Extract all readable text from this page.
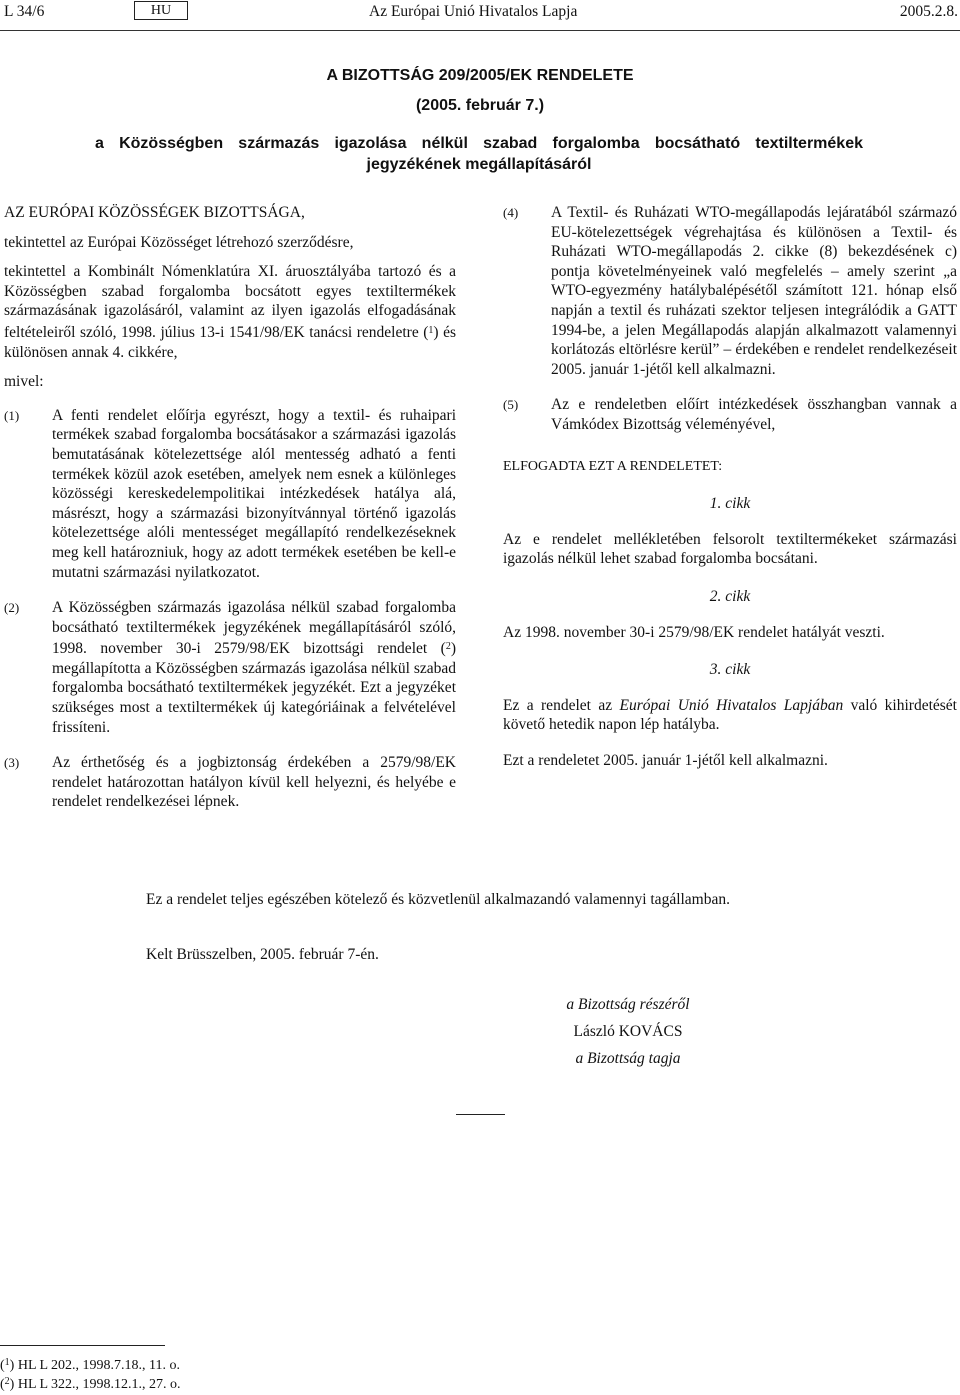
L 34/6	HU	Az Európai Unió Hivatalos Lapja	2005.2.8.
A BIZOTTSÁG 209/2005/EK RENDELETE
(2005. február 7.)
a Közösségben származás igazolása nélkül szabad forgalomba bocsátható textiltermékek jegyzékének megállapításáról

AZ EURÓPAI KÖZÖSSÉGEK BIZOTTSÁGA,

tekintettel az Európai Közösséget létrehozó szerződésre,

tekintettel a Kombinált Nómenklatúra XI. áruosztályába tartozó és a Közösségben szabad forgalomba bocsátott egyes textiltermékek származásának igazolásáról, valamint az ilyen igazolás elfogadásának feltételeiről szóló, 1998. július 13-i 1541/98/EK tanácsi rendeletre ($^1$) és különösen annak 4. cikkére,

mivel:

(1)	A fenti rendelet előírja egyrészt, hogy a textil- és ruhaipari termékek szabad forgalomba bocsátásakor a származási igazolás bemutatásának kötelezettsége alól mentesség adható a fenti termékek közül azok esetében, amelyek nem esnek a különleges közösségi kereskedelempolitikai intézkedések hatálya alá, másrészt, hogy a származási bizonyítvánnyal történő igazolás kötelezettsége alóli mentességet megállapító rendelkezéseknek meg kell határozniuk, hogy az adott termékek esetében be kell-e mutatni származási nyilatkozatot.
(2)	A Közösségben származás igazolása nélkül szabad forgalomba bocsátható textiltermékek jegyzékének megállapításáról szóló, 1998. november 30-i 2579/98/EK bizottsági rendelet ($^2$) megállapította a Közösségben származás igazolása nélkül szabad forgalomba bocsátható textiltermékek jegyzékét. Ezt a jegyzéket szükséges most a textiltermékek új kategóriáinak a felvételével frissíteni.
(3)	Az érthetőség és a jogbiztonság érdekében a 2579/98/EK rendelet határozottan hatályon kívül kell helyezni, és helyébe e rendelet rendelkezései lépnek.
(4)	A Textil- és Ruházati WTO-megállapodás lejáratából származó EU-kötelezettségek végrehajtása és különösen a Textil- és Ruházati WTO-megállapodás 2. cikke (8) bekezdésének c) pontja követelményeinek való megfelelés – amely szerint „a WTO-egyezmény hatálybalépésétől számított 121. hónap első napján a textil és ruházati szektor teljesen integrálódik a GATT 1994-be, a jelen Megállapodás alapján alkalmazott valamennyi korlátozás eltörlésre kerül” – érdekében e rendelet rendelkezéseit 2005. január 1-jétől kell alkalmazni.
(5)	Az e rendeletben előírt intézkedések összhangban vannak a Vámkódex Bizottság véleményével,

ELFOGADTA EZT A RENDELETET:

1. cikk

Az e rendelet mellékletében felsorolt textiltermékeket származási igazolás nélkül lehet szabad forgalomba bocsátani.

2. cikk

Az 1998. november 30-i 2579/98/EK rendelet hatályát veszti.

3. cikk

Ez a rendelet az Európai Unió Hivatalos Lapjában való kihirdetését követő hetedik napon lép hatályba.

Ezt a rendeletet 2005. január 1-jétől kell alkalmazni.

Ez a rendelet teljes egészében kötelező és közvetlenül alkalmazandó valamennyi tagállamban.
Kelt Brüsszelben, 2005. február 7-én.
a Bizottság részéről
László KOVÁCS
a Bizottság tagja
($^1$) HL L 202., 1998.7.18., 11. o.
($^2$) HL L 322., 1998.12.1., 27. o.
